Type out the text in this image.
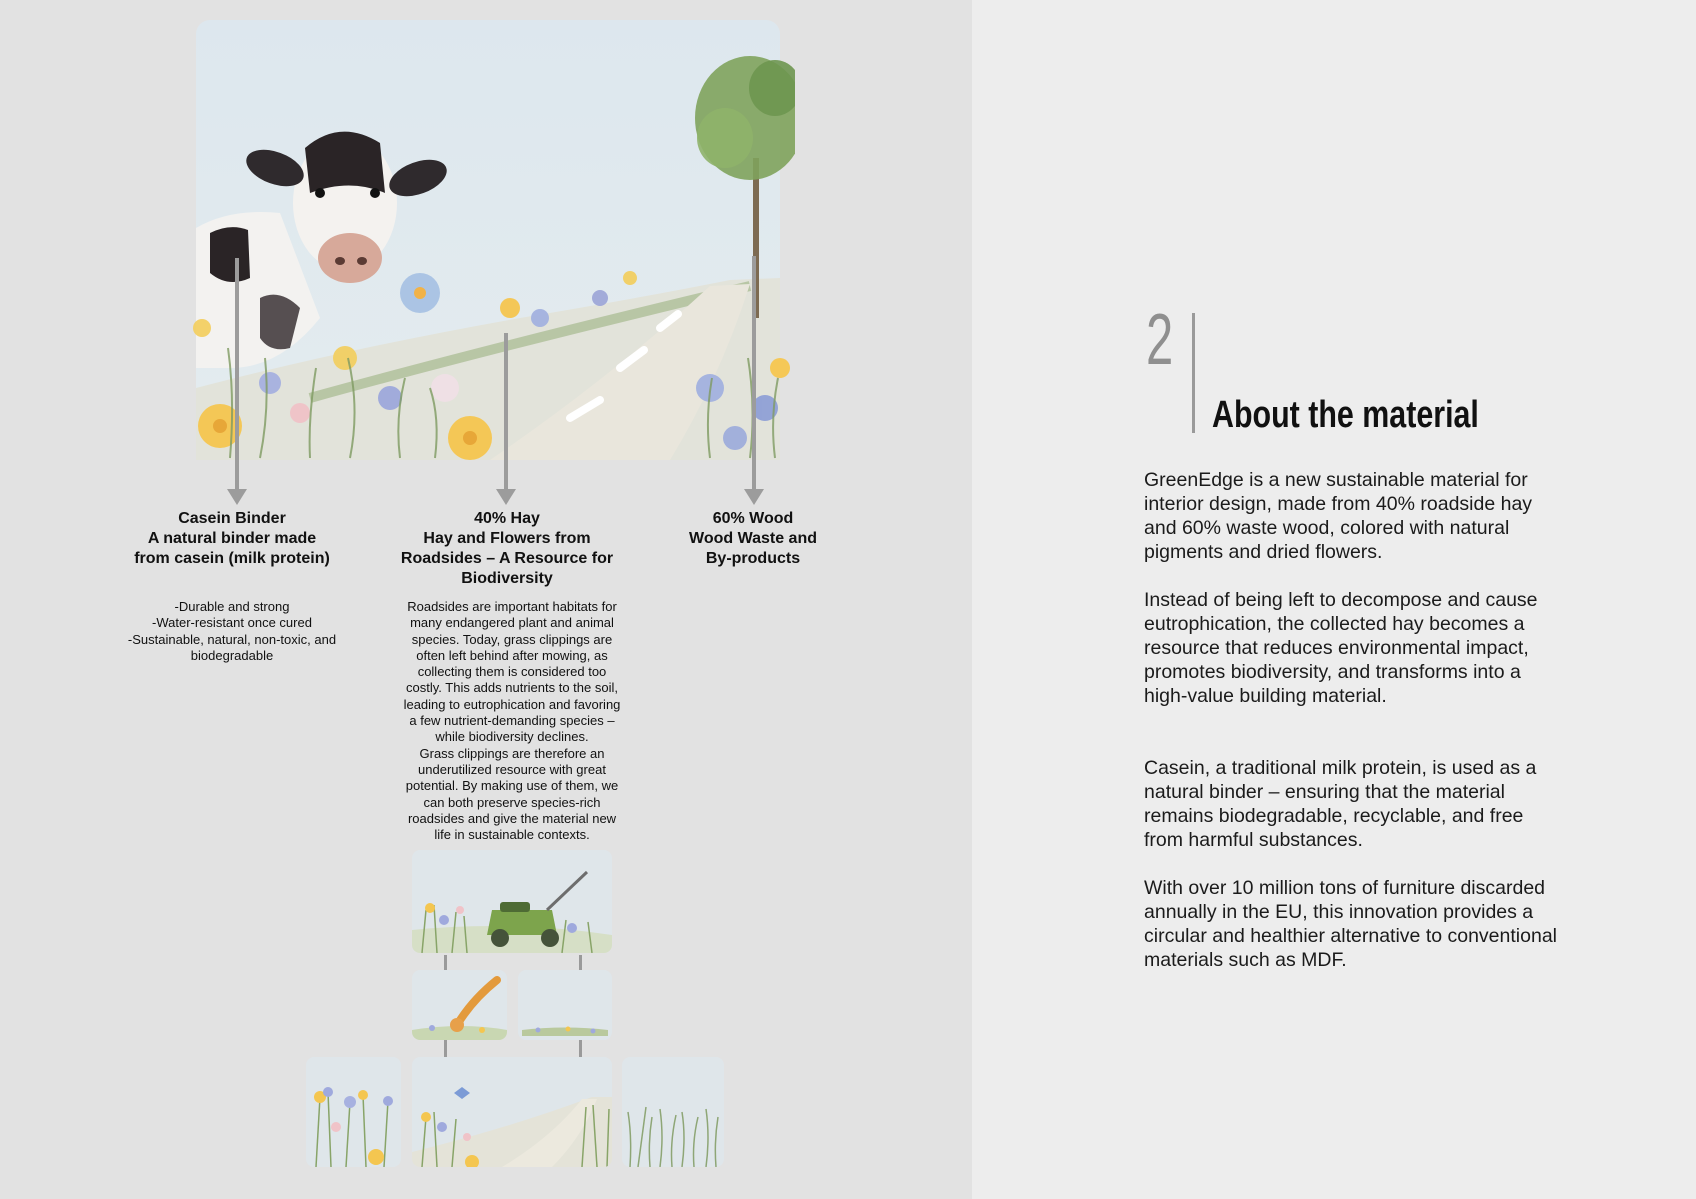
Casein Binder
A natural binder made
from casein (milk protein)
-Durable and strong
-Water-resistant once cured
-Sustainable, natural, non-toxic, and
biodegradable
40% Hay
Hay and Flowers from
Roadsides – A Resource for
Biodiversity
Roadsides are important habitats for
many endangered plant and animal
species. Today, grass clippings are
often left behind after mowing, as
collecting them is considered too
costly. This adds nutrients to the soil,
leading to eutrophication and favoring
a few nutrient-demanding species –
while biodiversity declines.
Grass clippings are therefore an
underutilized resource with great
potential. By making use of them, we
can both preserve species-rich
roadsides and give the material new
life in sustainable contexts.
60% Wood
Wood Waste and
By-products
2
About the material
GreenEdge is a new sustainable material for interior design, made from 40% roadside hay and 60% waste wood, colored with natural pigments and dried flowers.
Instead of being left to decompose and cause eutrophication, the collected hay becomes a resource that reduces environmental impact, promotes biodiversity, and transforms into a high-value building material.
Casein, a traditional milk protein, is used as a natural binder – ensuring that the material remains biodegradable, recyclable, and free from harmful substances.
With over 10 million tons of furniture discarded annually in the EU, this innovation provides a circular and healthier alternative to conventional materials such as MDF.
